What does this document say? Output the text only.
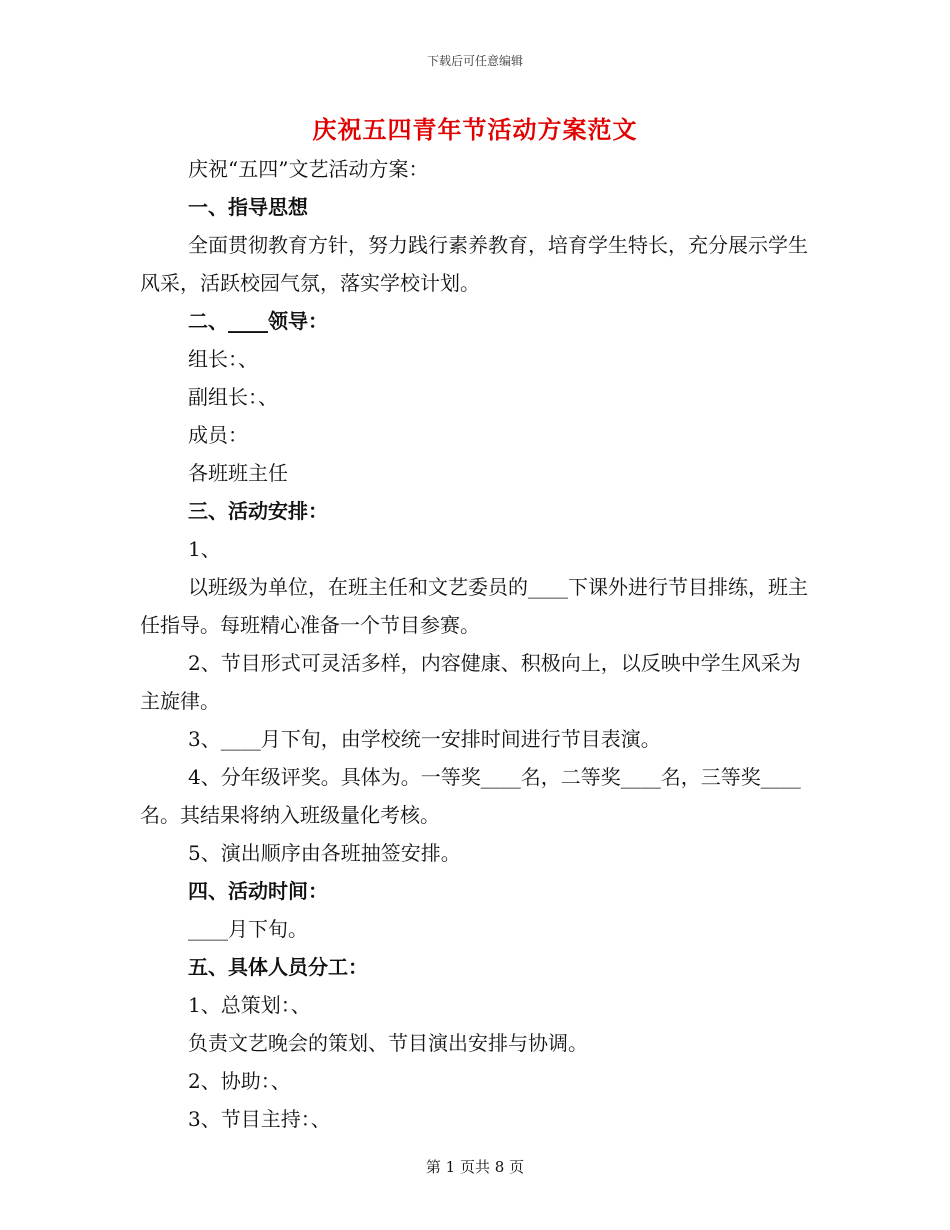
下载后可任意编辑
庆祝五四青年节活动方案范文

庆祝“五四”文艺活动方案：

一、指导思想

全面贯彻教育方针，努力践行素养教育，培育学生特长，充分展示学生风采，活跃校园气氛，落实学校计划。

二、____领导：

组长：、

副组长：、

成员：

各班班主任

三、活动安排：

1、

以班级为单位，在班主任和文艺委员的____下课外进行节目排练，班主任指导。每班精心准备一个节目参赛。

2、节目形式可灵活多样，内容健康、积极向上，以反映中学生风采为主旋律。

3、____月下旬，由学校统一安排时间进行节目表演。

4、分年级评奖。具体为。一等奖____名，二等奖____名，三等奖____名。其结果将纳入班级量化考核。

5、演出顺序由各班抽签安排。

四、活动时间：

____月下旬。

五、具体人员分工：

1、总策划：、

负责文艺晚会的策划、节目演出安排与协调。

2、协助：、

3、节目主持：、

第 1 页共 8 页
